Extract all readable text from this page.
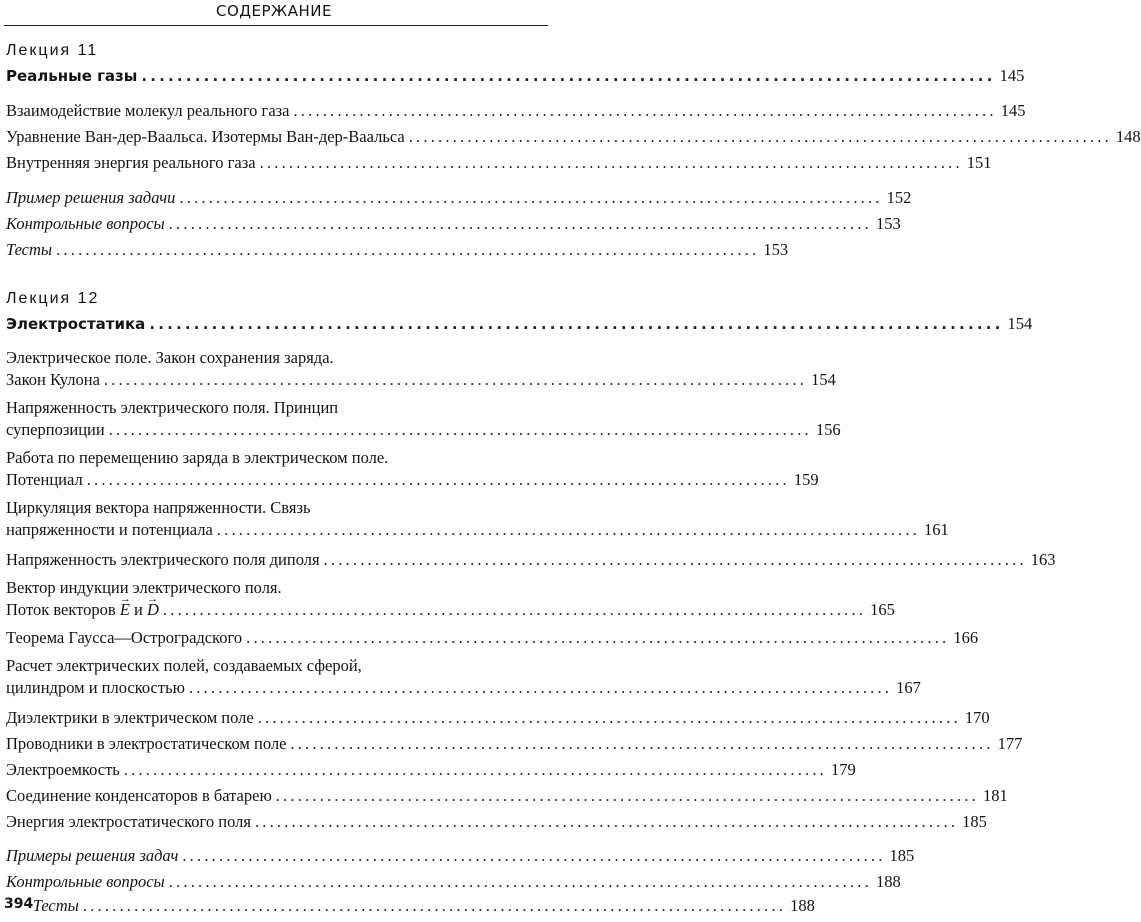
СОДЕРЖАНИЕ
Лекция 11
Реальные газы ................................................................................................ 145
Взаимодействие молекул реального газа ................................................................................................ 145
Уравнение Ван-дер-Ваальса. Изотермы Ван-дер-Ваальса ................................................................................................ 148
Внутренняя энергия реального газа ................................................................................................ 151
Пример решения задачи ................................................................................................ 152
Контрольные вопросы ................................................................................................ 153
Тесты ................................................................................................ 153
Лекция 12
Электростатика ................................................................................................ 154
Электрическое поле. Закон сохранения заряда.
Закон Кулона ................................................................................................ 154
Напряженность электрического поля. Принцип
суперпозиции ................................................................................................ 156
Работа по перемещению заряда в электрическом поле.
Потенциал ................................................................................................ 159
Циркуляция вектора напряженности. Связь
напряженности и потенциала ................................................................................................ 161
Напряженность электрического поля диполя ................................................................................................ 163
Вектор индукции электрического поля.
Поток векторов → E и → D ................................................................................................ 165
Теорема Гаусса—Остроградского ................................................................................................ 166
Расчет электрических полей, создаваемых сферой,
цилиндром и плоскостью ................................................................................................ 167
Диэлектрики в электрическом поле ................................................................................................ 170
Проводники в электростатическом поле ................................................................................................ 177
Электроемкость ................................................................................................ 179
Соединение конденсаторов в батарею ................................................................................................ 181
Энергия электростатического поля ................................................................................................ 185
Примеры решения задач ................................................................................................ 185
Контрольные вопросы ................................................................................................ 188
Тесты ................................................................................................ 188
394
